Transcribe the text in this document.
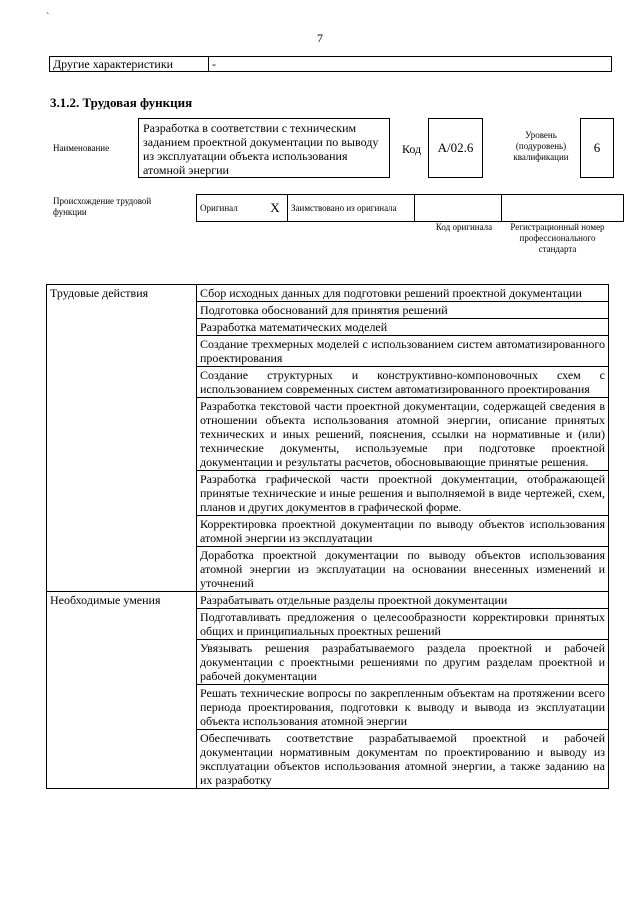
`
7
Другие характеристики	-
3.1.2. Трудовая функция
Наименование
Разработка в соответствии с техническим заданием проектной документации по выводу из эксплуатации объекта использования атомной энергии
Код	A/02.6
Уровень (подуровень) квалификации
6
Происхождение трудовой функции	Оригинал	X	Заимствовано из оригинала		
Код оригинала	Регистрационный номер профессионального стандарта
Трудовые действия	Сбор исходных данных для подготовки решений проектной документации
	Подготовка обоснований для принятия решений
	Разработка математических моделей
	Создание трехмерных моделей с использованием систем автоматизированного проектирования
	Создание структурных и конструктивно-компоновочных схем с использованием современных систем автоматизированного проектирования
	Разработка текстовой части проектной документации, содержащей сведения в отношении объекта использования атомной энергии, описание принятых технических и иных решений, пояснения, ссылки на нормативные и (или) технические документы, используемые при подготовке проектной документации и результаты расчетов, обосновывающие принятые решения.
	Разработка графической части проектной документации, отображающей принятые технические и иные решения и выполняемой в виде чертежей, схем, планов и других документов в графической форме.
	Корректировка проектной документации по выводу объектов использования атомной энергии из эксплуатации
	Доработка проектной документации по выводу объектов использования атомной энергии из эксплуатации на основании внесенных изменений и уточнений
Необходимые умения	Разрабатывать отдельные разделы проектной документации
	Подготавливать предложения о целесообразности корректировки принятых общих и принципиальных проектных решений
	Увязывать решения разрабатываемого раздела проектной и рабочей документации с проектными решениями по другим разделам проектной и рабочей документации
	Решать технические вопросы по закрепленным объектам на протяжении всего периода проектирования, подготовки к выводу и вывода из эксплуатации объекта использования атомной энергии
	Обеспечивать соответствие разрабатываемой проектной и рабочей документации нормативным документам по проектированию и выводу из эксплуатации объектов использования атомной энергии, а также заданию на их разработку
